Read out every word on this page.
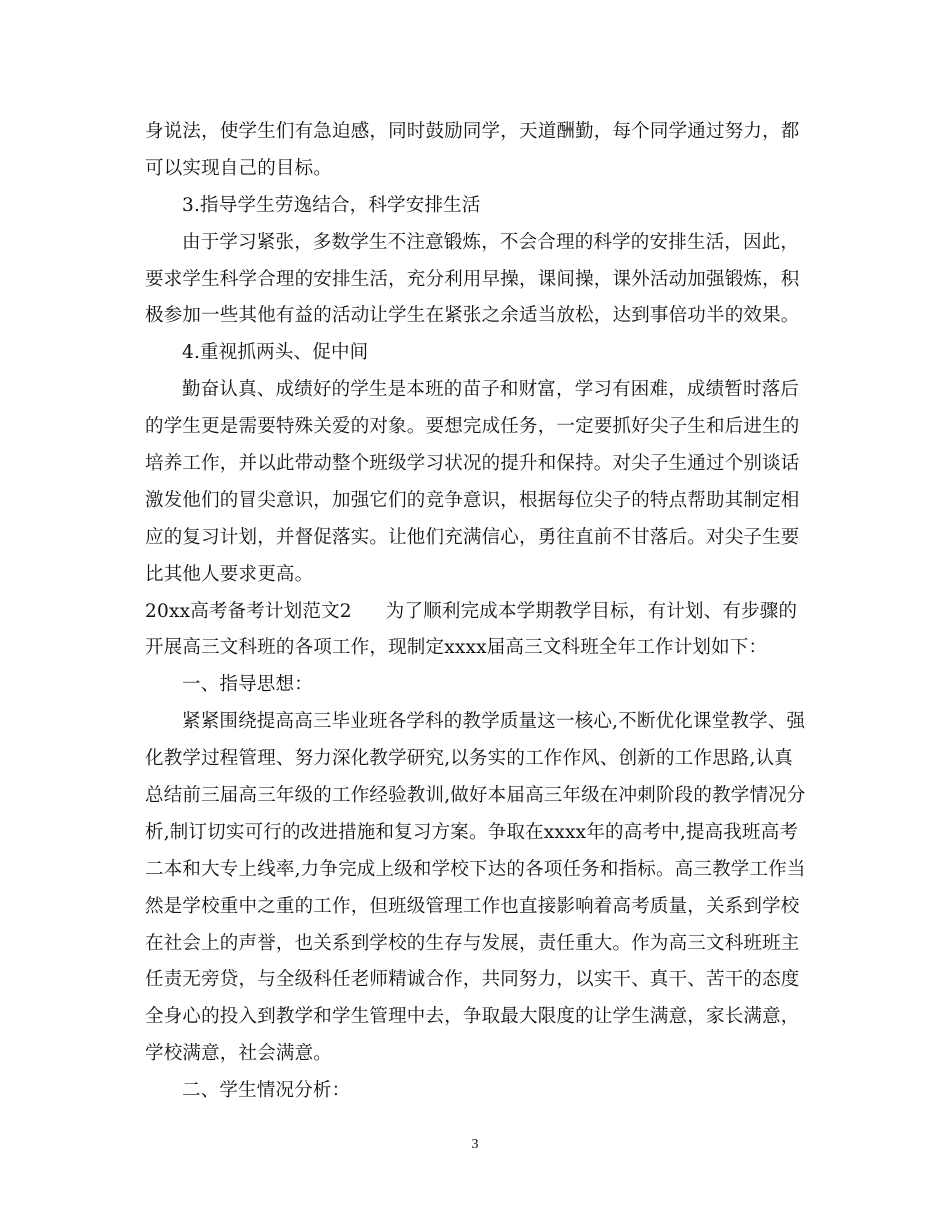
身说法，使学生们有急迫感，同时鼓励同学，天道酬勤，每个同学通过努力，都
可以实现自己的目标。
3.指导学生劳逸结合，科学安排生活
由于学习紧张，多数学生不注意锻炼，不会合理的科学的安排生活，因此，
要求学生科学合理的安排生活，充分利用早操，课间操，课外活动加强锻炼，积
极参加一些其他有益的活动让学生在紧张之余适当放松，达到事倍功半的效果。
4.重视抓两头、促中间
勤奋认真、成绩好的学生是本班的苗子和财富，学习有困难，成绩暂时落后
的学生更是需要特殊关爱的对象。要想完成任务，一定要抓好尖子生和后进生的
培养工作，并以此带动整个班级学习状况的提升和保持。对尖子生通过个别谈话
激发他们的冒尖意识，加强它们的竞争意识，根据每位尖子的特点帮助其制定相
应的复习计划，并督促落实。让他们充满信心，勇往直前不甘落后。对尖子生要
比其他人要求更高。
20xx高考备考计划范文2 为了顺利完成本学期教学目标，有计划、有步骤的
开展高三文科班的各项工作，现制定xxxx届高三文科班全年工作计划如下：
一、指导思想：
紧紧围绕提高高三毕业班各学科的教学质量这一核心,不断优化课堂教学、强
化教学过程管理、努力深化教学研究,以务实的工作作风、创新的工作思路,认真
总结前三届高三年级的工作经验教训,做好本届高三年级在冲刺阶段的教学情况分
析,制订切实可行的改进措施和复习方案。争取在xxxx年的高考中,提高我班高考
二本和大专上线率,力争完成上级和学校下达的各项任务和指标。高三教学工作当
然是学校重中之重的工作，但班级管理工作也直接影响着高考质量，关系到学校
在社会上的声誉，也关系到学校的生存与发展，责任重大。作为高三文科班班主
任责无旁贷，与全级科任老师精诚合作，共同努力，以实干、真干、苦干的态度
全身心的投入到教学和学生管理中去，争取最大限度的让学生满意，家长满意，
学校满意，社会满意。
二、学生情况分析：
3
